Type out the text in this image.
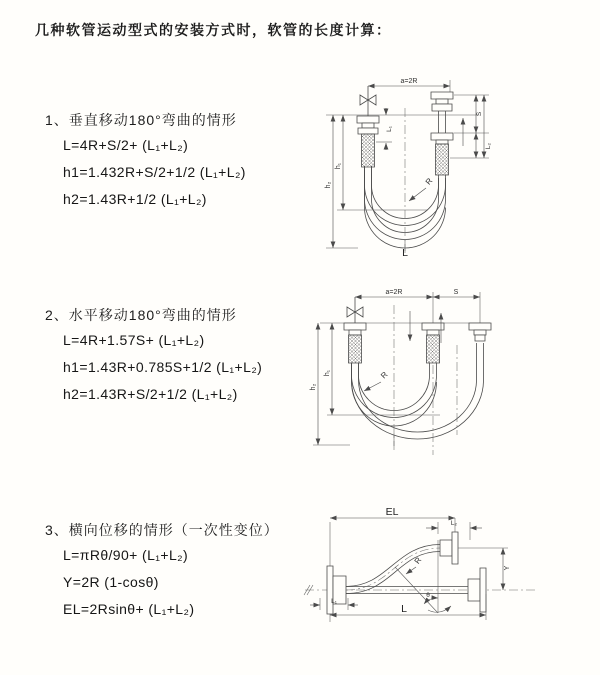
几种软管运动型式的安装方式时，软管的长度计算：
1、垂直移动180°弯曲的情形
L=4R+S/2+ (L₁+L₂)
h1=1.432R+S/2+1/2 (L₁+L₂)
h2=1.43R+1/2 (L₁+L₂)
2、水平移动180°弯曲的情形
L=4R+1.57S+ (L₁+L₂)
h1=1.43R+0.785S+1/2 (L₁+L₂)
h2=1.43R+S/2+1/2 (L₁+L₂)
3、横向位移的情形（一次性变位）
L=πRθ/90+ (L₁+L₂)
Y=2R (1-cosθ)
EL=2Rsinθ+ (L₁+L₂)
a=2R
h₂
h₁
L₁
S
L₂
R
L
a=2R	S
h₂
h₁	R
EL
L₂
θ
R
Y
L
L₁
